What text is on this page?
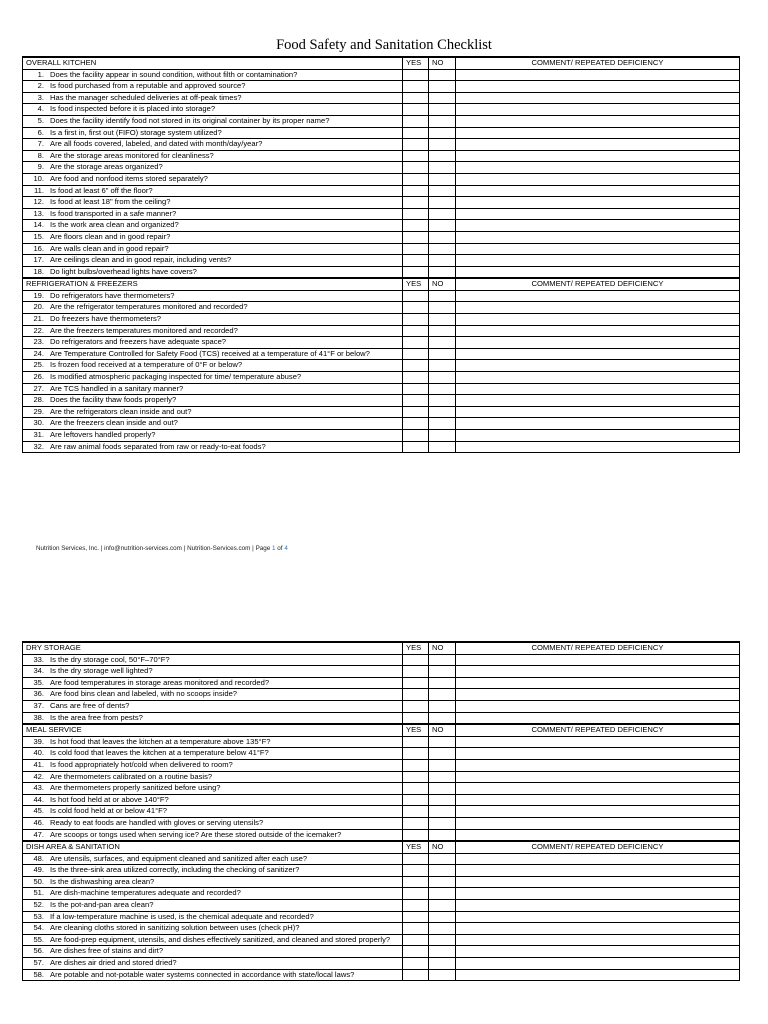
Food Safety and Sanitation Checklist
OVERALL KITCHEN	YES	NO	COMMENT/ REPEATED DEFICIENCY
1. Does the facility appear in sound condition, without filth or contamination?			
2. Is food purchased from a reputable and approved source?			
3. Has the manager scheduled deliveries at off-peak times?			
4. Is food inspected before it is placed into storage?			
5. Does the facility identify food not stored in its original container by its proper name?			
6. Is a first in, first out (FIFO) storage system utilized?			
7. Are all foods covered, labeled, and dated with month/day/year?			
8. Are the storage areas monitored for cleanliness?			
9. Are the storage areas organized?			
10. Are food and nonfood items stored separately?			
11. Is food at least 6" off the floor?			
12. Is food at least 18" from the ceiling?			
13. Is food transported in a safe manner?			
14. Is the work area clean and organized?			
15. Are floors clean and in good repair?			
16. Are walls clean and in good repair?			
17. Are ceilings clean and in good repair, including vents?			
18. Do light bulbs/overhead lights have covers?			
REFRIGERATION & FREEZERS	YES	NO	COMMENT/ REPEATED DEFICIENCY
19. Do refrigerators have thermometers?			
20. Are the refrigerator temperatures monitored and recorded?			
21. Do freezers have thermometers?			
22. Are the freezers temperatures monitored and recorded?			
23. Do refrigerators and freezers have adequate space?			

24. Are Temperature Controlled for Safety Food (TCS) received at a temperature of 41°F or below?			

25. Is frozen food received at a temperature of 0°F or below?			
26. Is modified atmospheric packaging inspected for time/ temperature abuse?			
27. Are TCS handled in a sanitary manner?			
28. Does the facility thaw foods properly?			
29. Are the refrigerators clean inside and out?			
30. Are the freezers clean inside and out?			
31. Are leftovers handled properly?			
32. Are raw animal foods separated from raw or ready-to-eat foods?			
Nutrition Services, Inc. | info@nutrition-services.com | Nutrition-Services.com | Page 1 of 4
DRY STORAGE	YES	NO	COMMENT/ REPEATED DEFICIENCY
33. Is the dry storage cool, 50°F–70°F?			
34. Is the dry storage well lighted?			
35. Are food temperatures in storage areas monitored and recorded?			
36. Are food bins clean and labeled, with no scoops inside?			
37. Cans are free of dents?			
38. Is the area free from pests?			
MEAL SERVICE	YES	NO	COMMENT/ REPEATED DEFICIENCY
39. Is hot food that leaves the kitchen at a temperature above 135°F?			
40. Is cold food that leaves the kitchen at a temperature below 41°F?			
41. Is food appropriately hot/cold when delivered to room?			
42. Are thermometers calibrated on a routine basis?			
43. Are thermometers properly sanitized before using?			
44. Is hot food held at or above 140°F?			
45. Is cold food held at or below 41°F?			
46. Ready to eat foods are handled with gloves or serving utensils?			
47. Are scoops or tongs used when serving ice? Are these stored outside of the icemaker?			
DISH AREA & SANITATION	YES	NO	COMMENT/ REPEATED DEFICIENCY
48. Are utensils, surfaces, and equipment cleaned and sanitized after each use?			
49. Is the three-sink area utilized correctly, including the checking of sanitizer?			
50. Is the dishwashing area clean?			
51. Are dish-machine temperatures adequate and recorded?			
52. Is the pot-and-pan area clean?			
53. If a low-temperature machine is used, is the chemical adequate and recorded?			
54. Are cleaning cloths stored in sanitizing solution between uses (check pH)?			

55. Are food-prep equipment, utensils, and dishes effectively sanitized, and cleaned and stored properly?			

56. Are dishes free of stains and dirt?			
57. Are dishes air dried and stored dried?			

58. Are potable and not-potable water systems connected in accordance with state/local laws?			
